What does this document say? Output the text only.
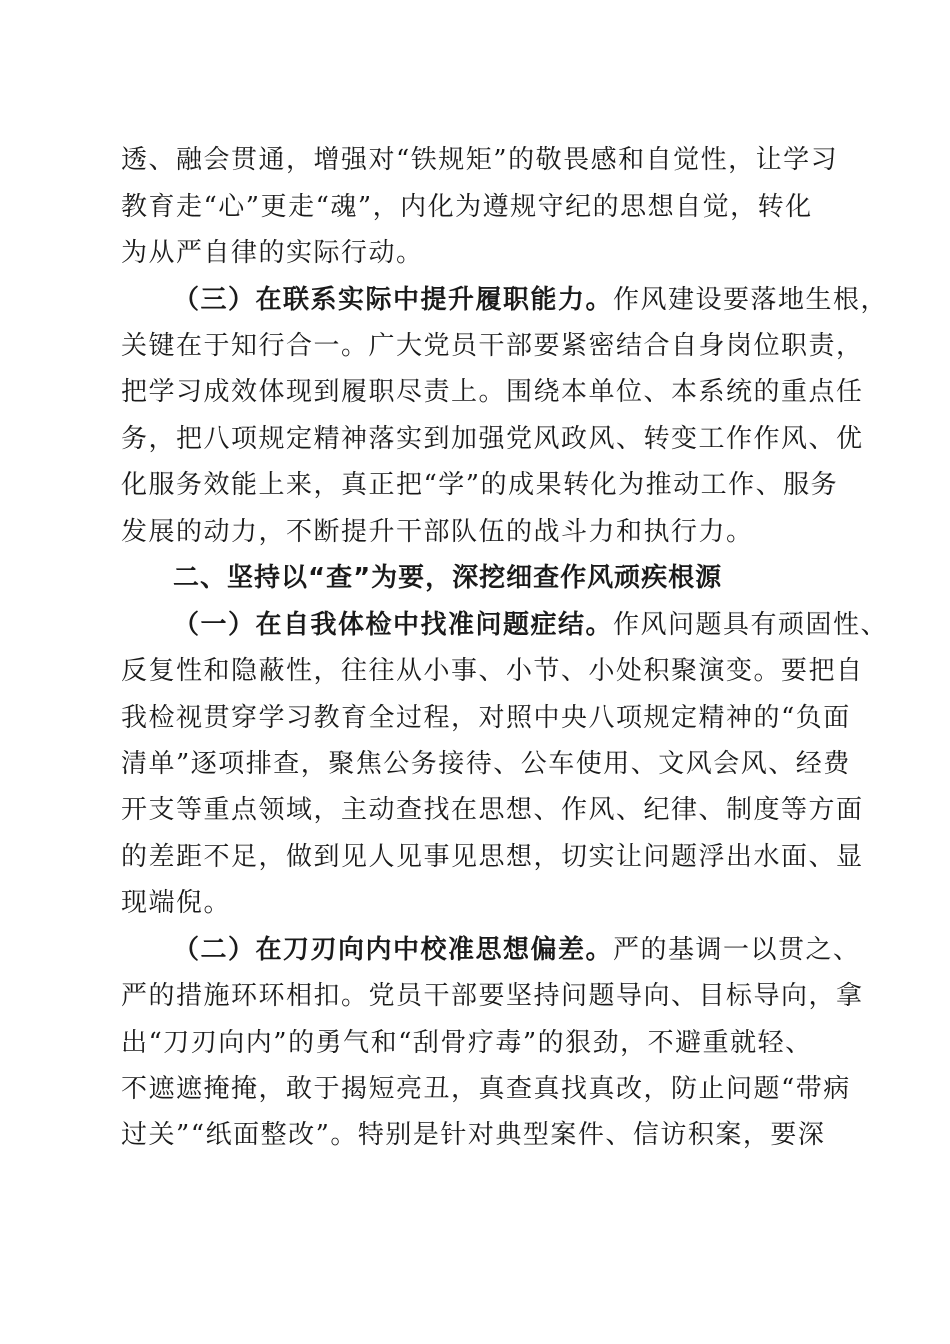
透、融会贯通，增强对“铁规矩”的敬畏感和自觉性，让学习
教育走“心”更走“魂”，内化为遵规守纪的思想自觉，转化
为从严自律的实际行动。
（三）在联系实际中提升履职能力。作风建设要落地生根，
关键在于知行合一。广大党员干部要紧密结合自身岗位职责，
把学习成效体现到履职尽责上。围绕本单位、本系统的重点任
务，把八项规定精神落实到加强党风政风、转变工作作风、优
化服务效能上来，真正把“学”的成果转化为推动工作、服务
发展的动力，不断提升干部队伍的战斗力和执行力。
二、坚持以“查”为要，深挖细查作风顽疾根源
（一）在自我体检中找准问题症结。作风问题具有顽固性、
反复性和隐蔽性，往往从小事、小节、小处积聚演变。要把自
我检视贯穿学习教育全过程，对照中央八项规定精神的“负面
清单”逐项排查，聚焦公务接待、公车使用、文风会风、经费
开支等重点领域，主动查找在思想、作风、纪律、制度等方面
的差距不足，做到见人见事见思想，切实让问题浮出水面、显
现端倪。
（二）在刀刃向内中校准思想偏差。严的基调一以贯之、
严的措施环环相扣。党员干部要坚持问题导向、目标导向，拿
出“刀刃向内”的勇气和“刮骨疗毒”的狠劲，不避重就轻、
不遮遮掩掩，敢于揭短亮丑，真查真找真改，防止问题“带病
过关”“纸面整改”。特别是针对典型案件、信访积案，要深
